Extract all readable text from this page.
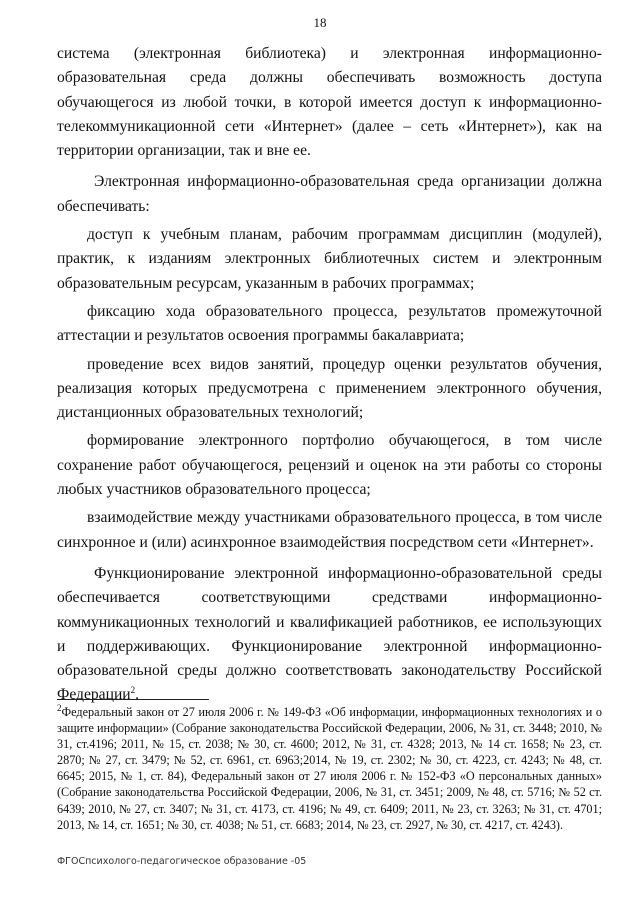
18

система (электронная библиотека) и электронная информационно-образовательная среда должны обеспечивать возможность доступа обучающегося из любой точки, в которой имеется доступ к информационно-телекоммуникационной сети «Интернет» (далее – сеть «Интернет»), как на территории организации, так и вне ее.

Электронная информационно-образовательная среда организации должна обеспечивать:

доступ к учебным планам, рабочим программам дисциплин (модулей), практик, к изданиям электронных библиотечных систем и электронным образовательным ресурсам, указанным в рабочих программах;

фиксацию хода образовательного процесса, результатов промежуточной аттестации и результатов освоения программы бакалавриата;

проведение всех видов занятий, процедур оценки результатов обучения, реализация которых предусмотрена с применением электронного обучения, дистанционных образовательных технологий;

формирование электронного портфолио обучающегося, в том числе сохранение работ обучающегося, рецензий и оценок на эти работы со стороны любых участников образовательного процесса;

взаимодействие между участниками образовательного процесса, в том числе синхронное и (или) асинхронное взаимодействия посредством сети «Интернет».

Функционирование электронной информационно-образовательной среды обеспечивается соответствующими средствами информационно-коммуникационных технологий и квалификацией работников, ее использующих и поддерживающих. Функционирование электронной информационно-образовательной среды должно соответствовать законодательству Российской Федерации$^2$.

$^2$Федеральный закон от 27 июля 2006 г. № 149-ФЗ «Об информации, информационных технологиях и о защите информации» (Собрание законодательства Российской Федерации, 2006, № 31, ст. 3448; 2010, № 31, ст.4196; 2011, № 15, ст. 2038; № 30, ст. 4600; 2012, № 31, ст. 4328; 2013, № 14 ст. 1658; № 23, ст. 2870; № 27, ст. 3479; № 52, ст. 6961, ст. 6963;2014, № 19, ст. 2302; № 30, ст. 4223, ст. 4243; № 48, ст. 6645; 2015, № 1, ст. 84), Федеральный закон от 27 июля 2006 г. № 152-ФЗ «О персональных данных» (Собрание законодательства Российской Федерации, 2006, № 31, ст. 3451; 2009, № 48, ст. 5716; № 52 ст. 6439; 2010, № 27, ст. 3407; № 31, ст. 4173, ст. 4196; № 49, ст. 6409; 2011, № 23, ст. 3263; № 31, ст. 4701; 2013, № 14, ст. 1651; № 30, ст. 4038; № 51, ст. 6683; 2014, № 23, ст. 2927, № 30, ст. 4217, ст. 4243).

ФГОСпсихолого-педагогическое образование -05
